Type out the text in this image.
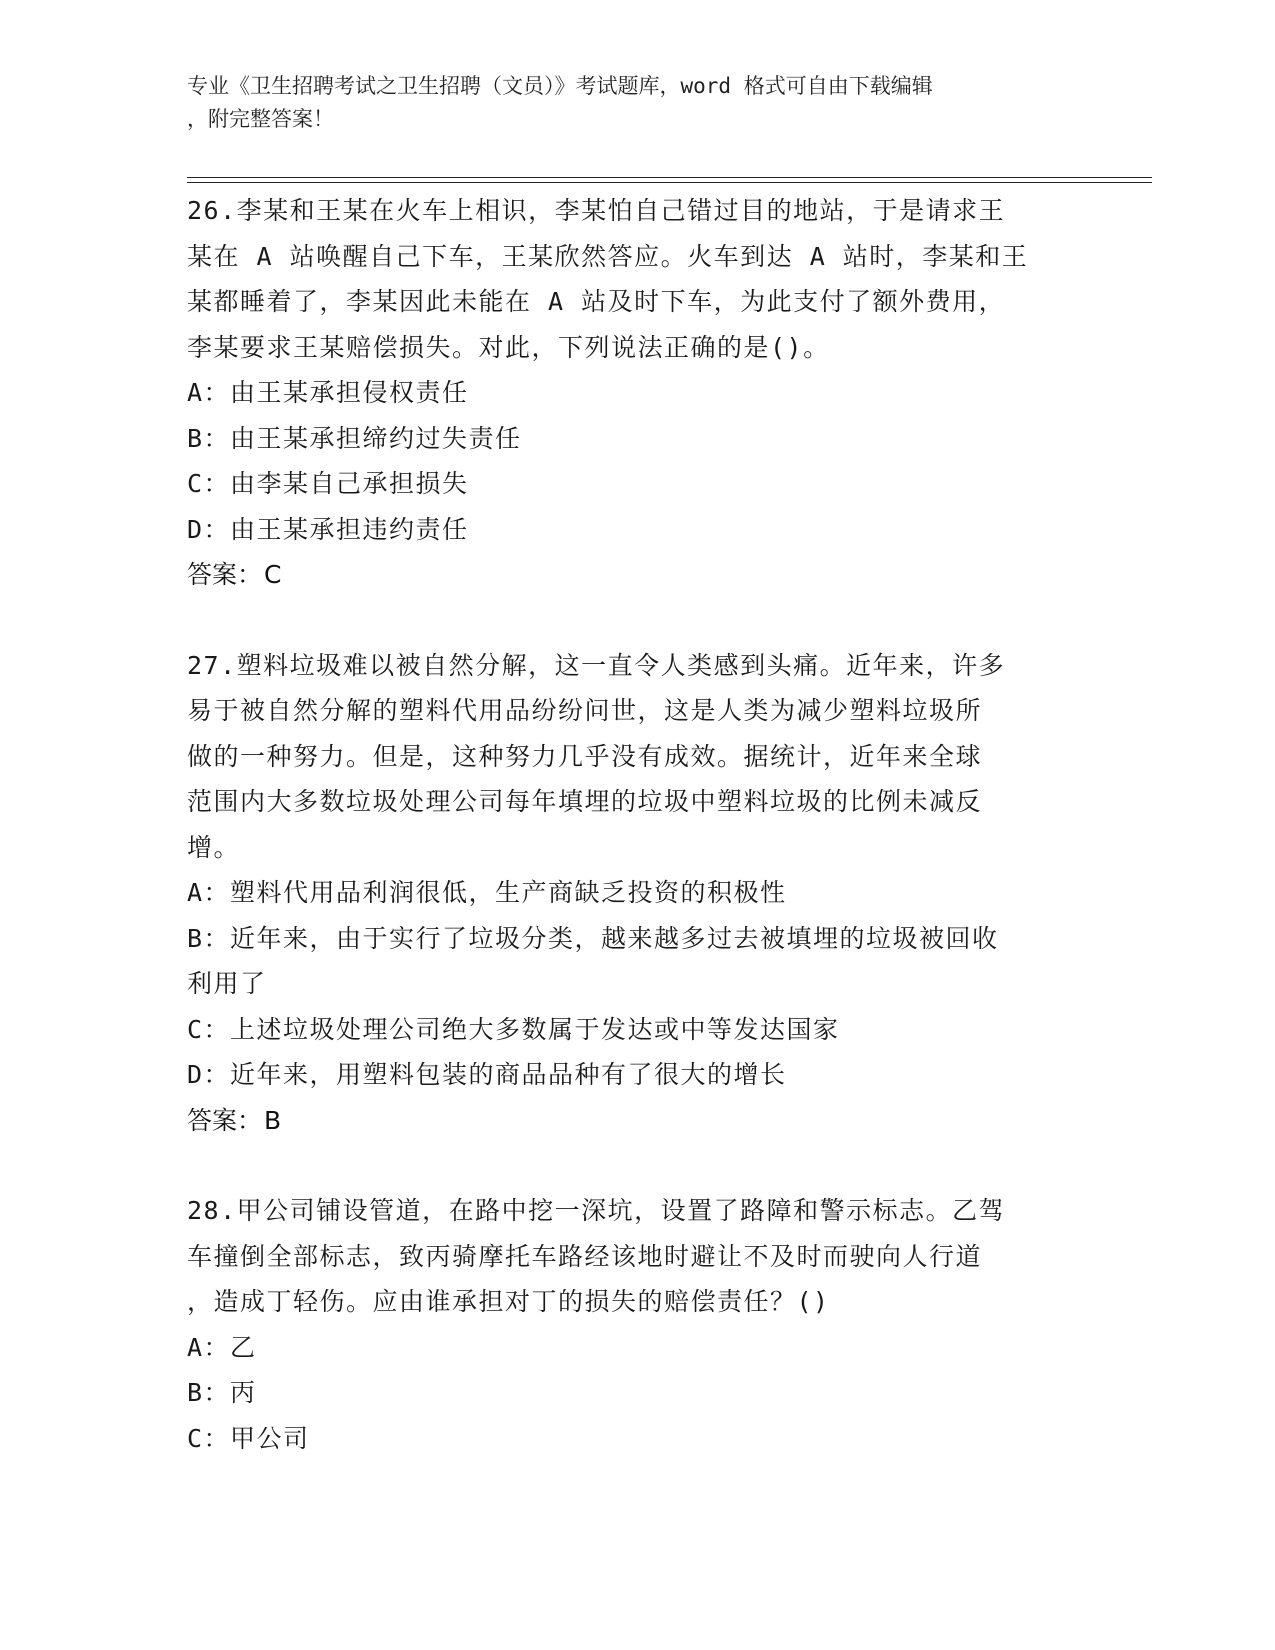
专业《卫生招聘考试之卫生招聘（文员）》考试题库，word 格式可自由下载编辑
，附完整答案！
26.李某和王某在火车上相识，李某怕自己错过目的地站，于是请求王
某在 A 站唤醒自己下车，王某欣然答应。火车到达 A 站时，李某和王
某都睡着了，李某因此未能在 A 站及时下车，为此支付了额外费用，
李某要求王某赔偿损失。对此，下列说法正确的是()。
A：由王某承担侵权责任
B：由王某承担缔约过失责任
C：由李某自己承担损失
D：由王某承担违约责任
答案：C
27.塑料垃圾难以被自然分解，这一直令人类感到头痛。近年来，许多
易于被自然分解的塑料代用品纷纷问世，这是人类为减少塑料垃圾所
做的一种努力。但是，这种努力几乎没有成效。据统计，近年来全球
范围内大多数垃圾处理公司每年填埋的垃圾中塑料垃圾的比例未减反
增。
A：塑料代用品利润很低，生产商缺乏投资的积极性
B：近年来，由于实行了垃圾分类，越来越多过去被填埋的垃圾被回收
利用了
C：上述垃圾处理公司绝大多数属于发达或中等发达国家
D：近年来，用塑料包装的商品品种有了很大的增长
答案：B
28.甲公司铺设管道，在路中挖一深坑，设置了路障和警示标志。乙驾
车撞倒全部标志，致丙骑摩托车路经该地时避让不及时而驶向人行道
，造成丁轻伤。应由谁承担对丁的损失的赔偿责任？()
A：乙
B：丙
C：甲公司
